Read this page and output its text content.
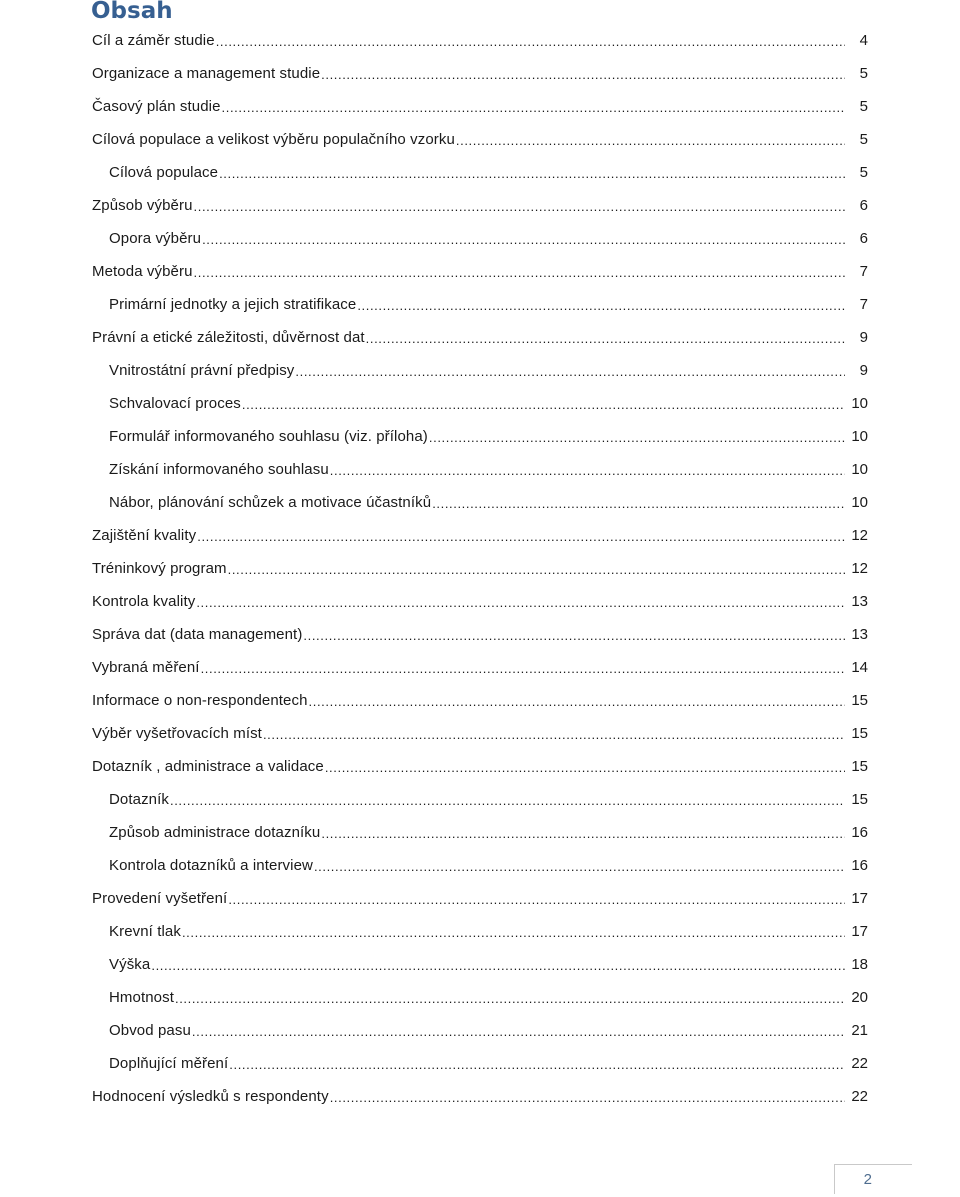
Obsah
Cíl a záměr studie .....	4
Organizace a management studie .....	5
Časový plán studie .....	5
Cílová populace a velikost výběru populačního vzorku .....	5
Cílová populace .....	5
Způsob výběru .....	6
Opora výběru .....	6
Metoda výběru .....	7
Primární jednotky a jejich stratifikace .....	7
Právní a etické záležitosti, důvěrnost dat .....	9
Vnitrostátní právní předpisy .....	9
Schvalovací proces .....	10
Formulář informovaného souhlasu (viz. příloha) .....	10
Získání informovaného souhlasu .....	10
Nábor, plánování schůzek a motivace účastníků .....	10
Zajištění kvality .....	12
Tréninkový program .....	12
Kontrola kvality .....	13
Správa dat (data management) .....	13
Vybraná měření .....	14
Informace o non-respondentech .....	15
Výběr vyšetřovacích míst .....	15
Dotazník , administrace a validace .....	15
Dotazník .....	15
Způsob administrace dotazníku .....	16
Kontrola dotazníků a interview .....	16
Provedení vyšetření .....	17
Krevní tlak .....	17
Výška .....	18
Hmotnost .....	20
Obvod pasu .....	21
Doplňující měření .....	22
Hodnocení výsledků s respondenty .....	22
2
